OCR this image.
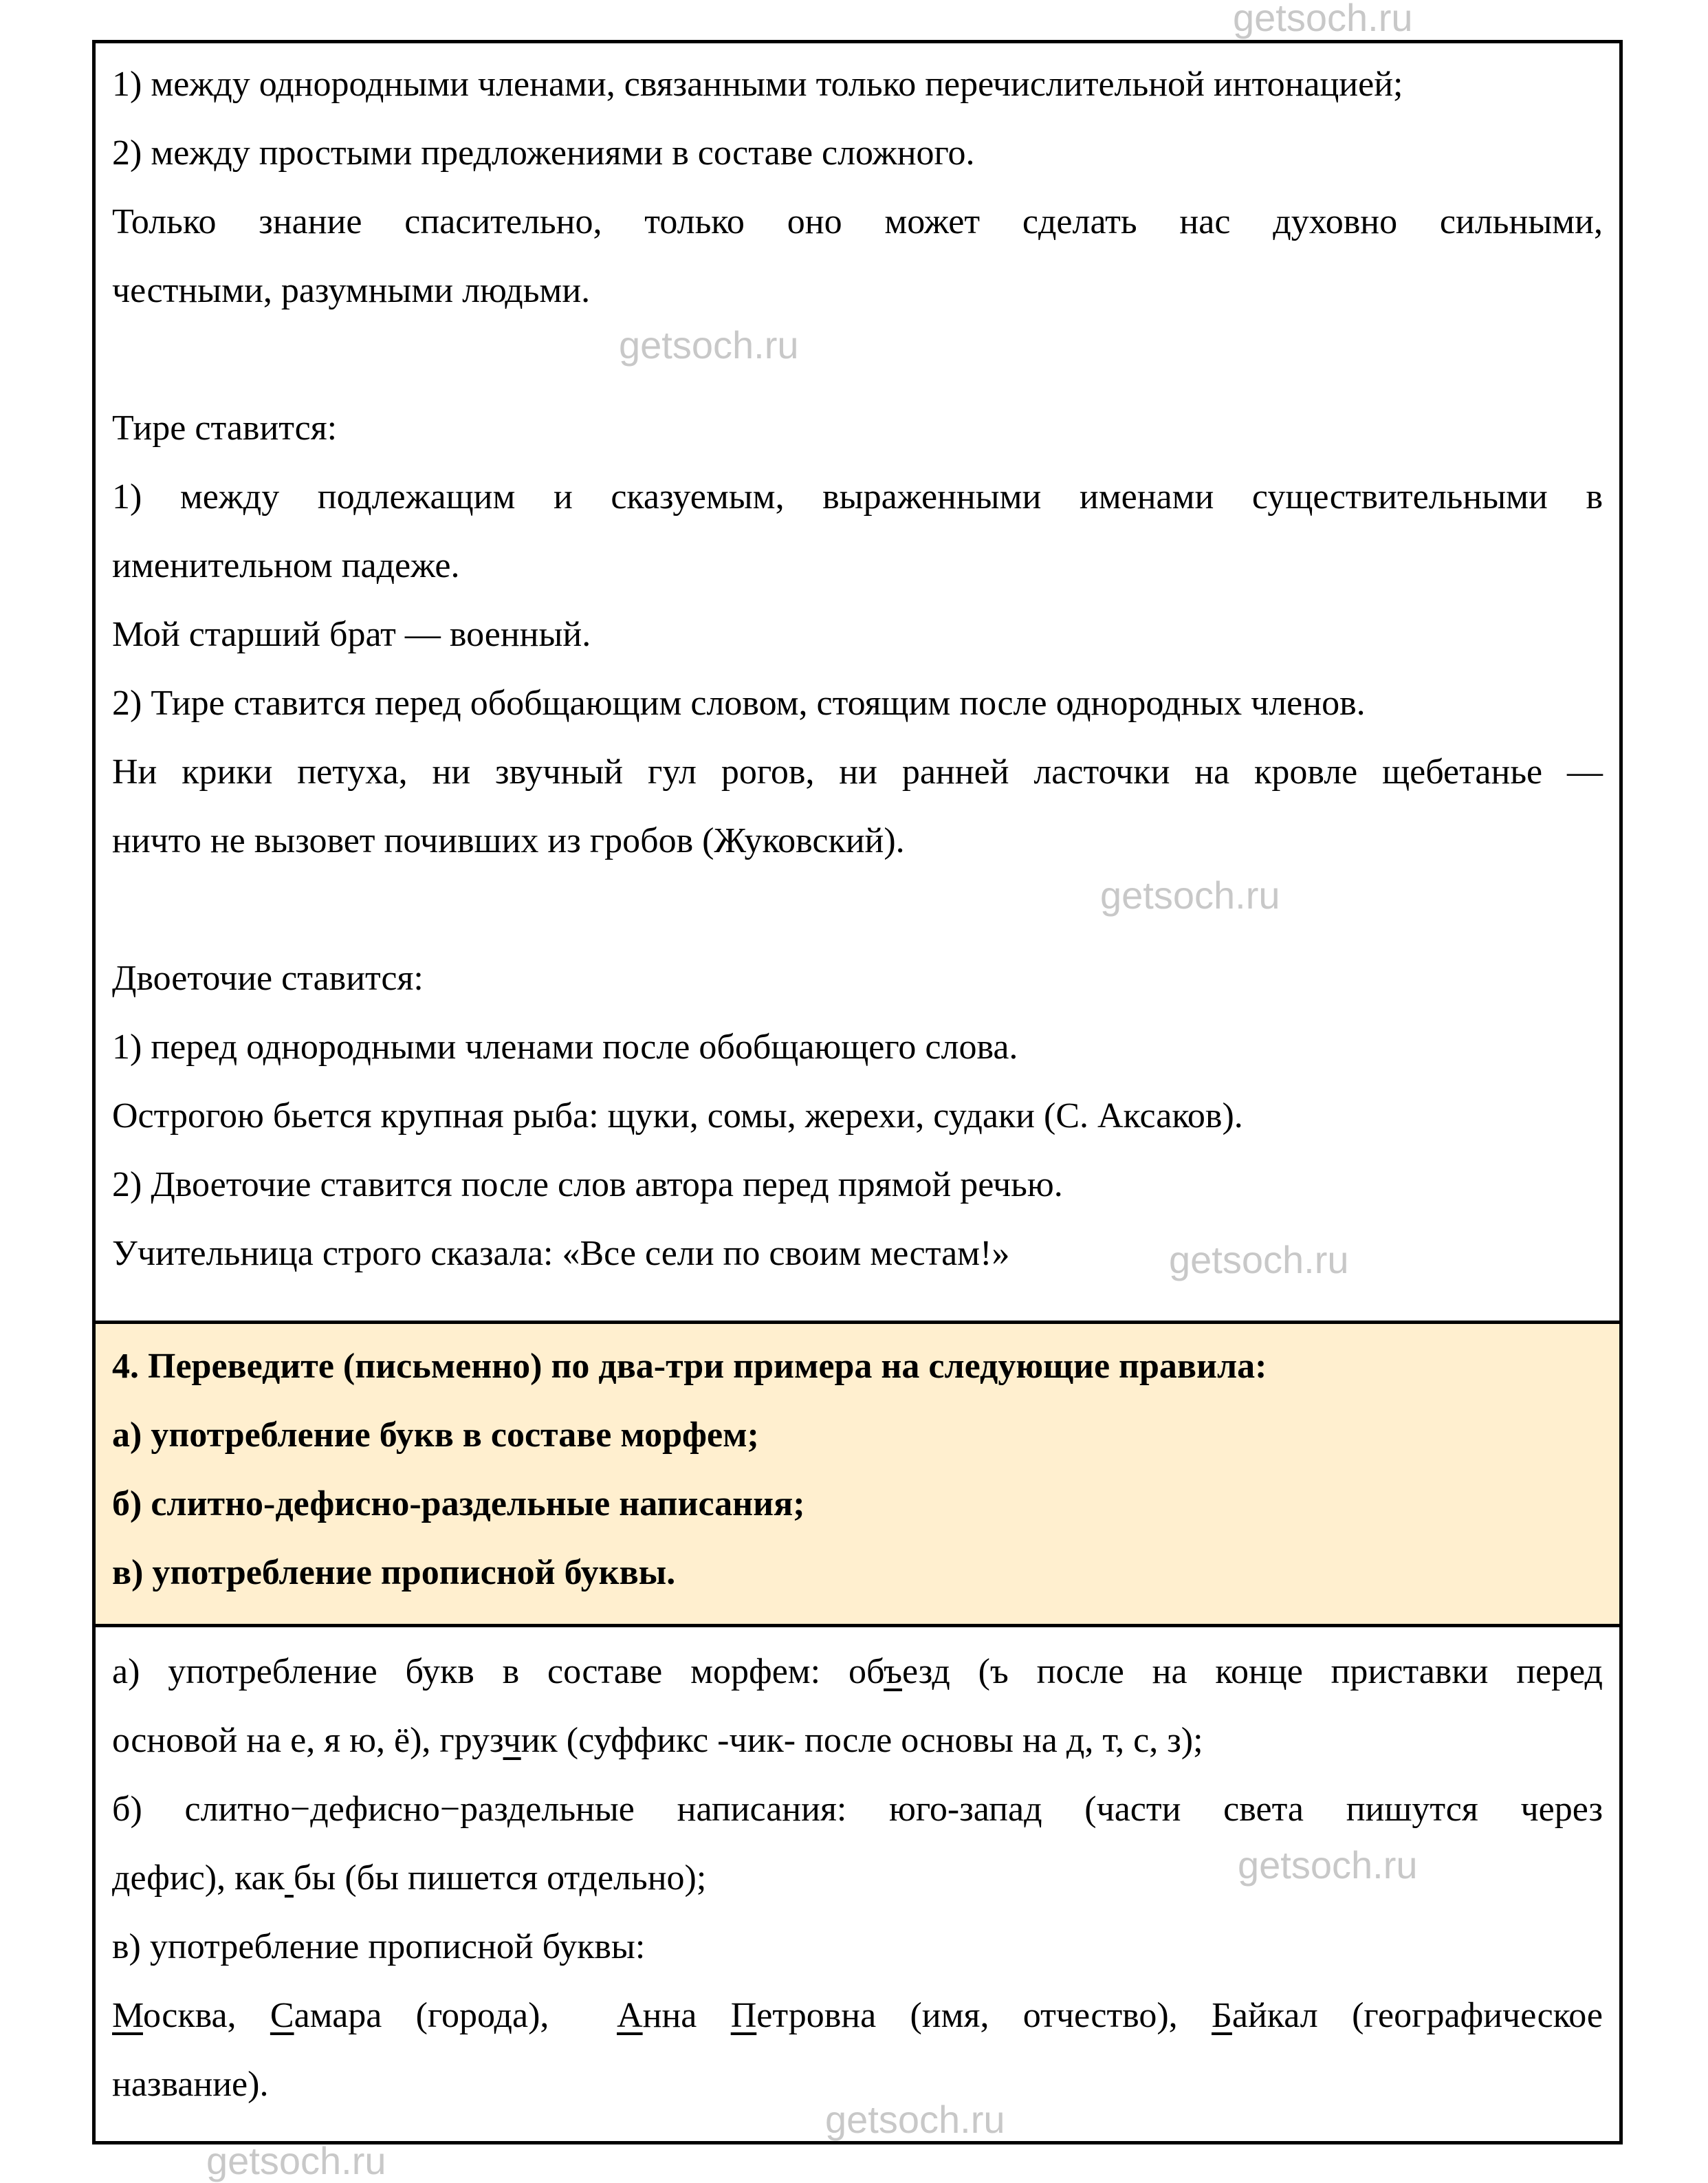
1) между однородными членами, связанными только перечислительной интонацией;
2) между простыми предложениями в составе сложного.
Только знание спасительно, только оно может сделать нас духовно сильными,
честными, разумными людьми.
Тире ставится:
1) между подлежащим и сказуемым, выраженными именами существительными в
именительном падеже.
Мой старший брат — военный.
2) Тире ставится перед обобщающим словом, стоящим после однородных членов.
Ни крики петуха, ни звучный гул рогов, ни ранней ласточки на кровле щебетанье —
ничто не вызовет почивших из гробов (Жуковский).
Двоеточие ставится:
1) перед однородными членами после обобщающего слова.
Острогою бьется крупная рыба: щуки, сомы, жерехи, судаки (С. Аксаков).
2) Двоеточие ставится после слов автора перед прямой речью.
Учительница строго сказала: «Все сели по своим местам!»
4. Переведите (письменно) по два-три примера на следующие правила:
а) употребление букв в составе морфем;
б) слитно-дефисно-раздельные написания;
в) употребление прописной буквы.
а) употребление букв в составе морфем: объезд (ъ после на конце приставки перед
основой на е, я ю, ё), грузчик (суффикс -чик- после основы на д, т, с, з);
б) слитно−дефисно−раздельные написания: юго-запад (части света пишутся через
дефис), как бы (бы пишется отдельно);
в) употребление прописной буквы:
Москва, Самара (города),  Анна Петровна (имя, отчество), Байкал (географическое
название).
getsoch.ru
getsoch.ru
getsoch.ru
getsoch.ru
getsoch.ru
getsoch.ru
getsoch.ru
